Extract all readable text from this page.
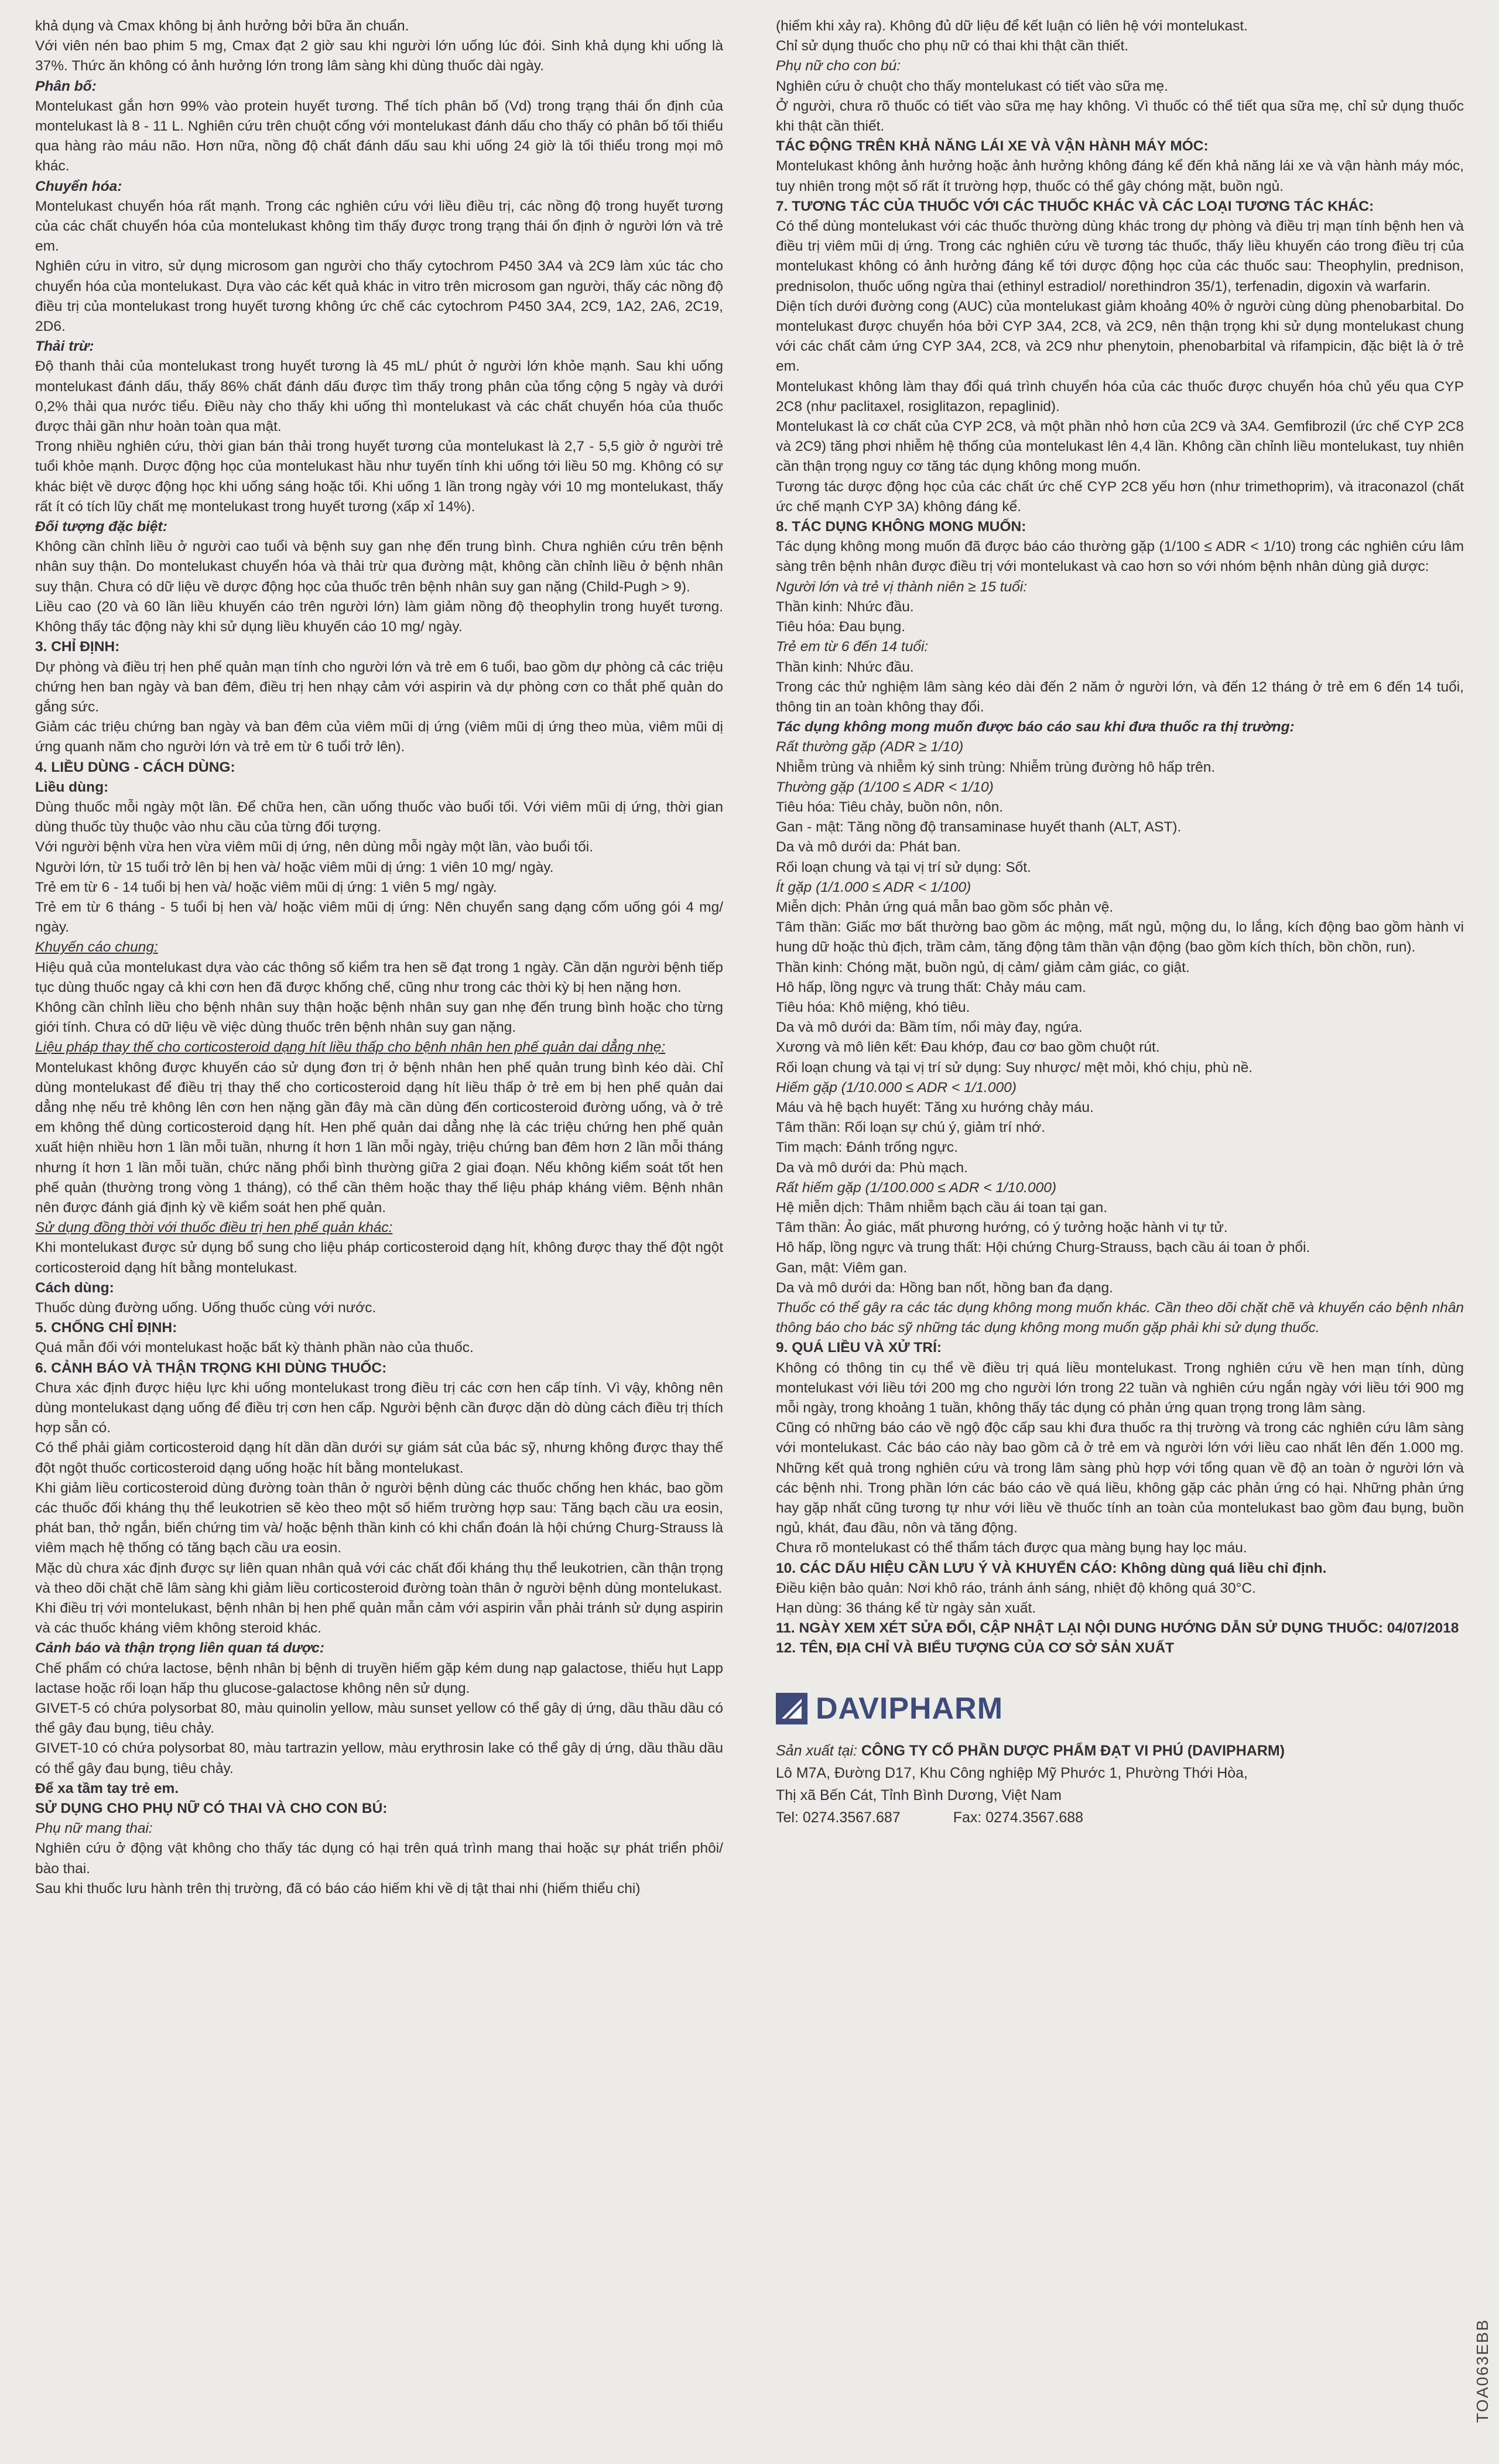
khả dụng và Cmax không bị ảnh hưởng bởi bữa ăn chuẩn.

Với viên nén bao phim 5 mg, Cmax đạt 2 giờ sau khi người lớn uống lúc đói. Sinh khả dụng khi uống là 37%. Thức ăn không có ảnh hưởng lớn trong lâm sàng khi dùng thuốc dài ngày.

Phân bố:

Montelukast gắn hơn 99% vào protein huyết tương. Thể tích phân bố (Vd) trong trạng thái ổn định của montelukast là 8 - 11 L. Nghiên cứu trên chuột cống với montelukast đánh dấu cho thấy có phân bố tối thiểu qua hàng rào máu não. Hơn nữa, nồng độ chất đánh dấu sau khi uống 24 giờ là tối thiểu trong mọi mô khác.

Chuyển hóa:

Montelukast chuyển hóa rất mạnh. Trong các nghiên cứu với liều điều trị, các nồng độ trong huyết tương của các chất chuyển hóa của montelukast không tìm thấy được trong trạng thái ổn định ở người lớn và trẻ em.

Nghiên cứu in vitro, sử dụng microsom gan người cho thấy cytochrom P450 3A4 và 2C9 làm xúc tác cho chuyển hóa của montelukast. Dựa vào các kết quả khác in vitro trên microsom gan người, thấy các nồng độ điều trị của montelukast trong huyết tương không ức chế các cytochrom P450 3A4, 2C9, 1A2, 2A6, 2C19, 2D6.

Thải trừ:

Độ thanh thải của montelukast trong huyết tương là 45 mL/ phút ở người lớn khỏe mạnh. Sau khi uống montelukast đánh dấu, thấy 86% chất đánh dấu được tìm thấy trong phân của tổng cộng 5 ngày và dưới 0,2% thải qua nước tiểu. Điều này cho thấy khi uống thì montelukast và các chất chuyển hóa của thuốc được thải gần như hoàn toàn qua mật.

Trong nhiều nghiên cứu, thời gian bán thải trong huyết tương của montelukast là 2,7 - 5,5 giờ ở người trẻ tuổi khỏe mạnh. Dược động học của montelukast hầu như tuyến tính khi uống tới liều 50 mg. Không có sự khác biệt về dược động học khi uống sáng hoặc tối. Khi uống 1 lần trong ngày với 10 mg montelukast, thấy rất ít có tích lũy chất mẹ montelukast trong huyết tương (xấp xỉ 14%).

Đối tượng đặc biệt:

Không cần chỉnh liều ở người cao tuổi và bệnh suy gan nhẹ đến trung bình. Chưa nghiên cứu trên bệnh nhân suy thận. Do montelukast chuyển hóa và thải trừ qua đường mật, không cần chỉnh liều ở bệnh nhân suy thận. Chưa có dữ liệu về dược động học của thuốc trên bệnh nhân suy gan nặng (Child-Pugh > 9).

Liều cao (20 và 60 lần liều khuyến cáo trên người lớn) làm giảm nồng độ theophylin trong huyết tương. Không thấy tác động này khi sử dụng liều khuyến cáo 10 mg/ ngày.

3. CHỈ ĐỊNH:

Dự phòng và điều trị hen phế quản mạn tính cho người lớn và trẻ em 6 tuổi, bao gồm dự phòng cả các triệu chứng hen ban ngày và ban đêm, điều trị hen nhạy cảm với aspirin và dự phòng cơn co thắt phế quản do gắng sức.

Giảm các triệu chứng ban ngày và ban đêm của viêm mũi dị ứng (viêm mũi dị ứng theo mùa, viêm mũi dị ứng quanh năm cho người lớn và trẻ em từ 6 tuổi trở lên).

4. LIỀU DÙNG - CÁCH DÙNG:

Liều dùng:

Dùng thuốc mỗi ngày một lần. Để chữa hen, cần uống thuốc vào buổi tối. Với viêm mũi dị ứng, thời gian dùng thuốc tùy thuộc vào nhu cầu của từng đối tượng.

Với người bệnh vừa hen vừa viêm mũi dị ứng, nên dùng mỗi ngày một lần, vào buổi tối.

Người lớn, từ 15 tuổi trở lên bị hen và/ hoặc viêm mũi dị ứng: 1 viên 10 mg/ ngày.

Trẻ em từ 6 - 14 tuổi bị hen và/ hoặc viêm mũi dị ứng: 1 viên 5 mg/ ngày.

Trẻ em từ 6 tháng - 5 tuổi bị hen và/ hoặc viêm mũi dị ứng: Nên chuyển sang dạng cốm uống gói 4 mg/ ngày.

Khuyến cáo chung:

Hiệu quả của montelukast dựa vào các thông số kiểm tra hen sẽ đạt trong 1 ngày. Cần dặn người bệnh tiếp tục dùng thuốc ngay cả khi cơn hen đã được khống chế, cũng như trong các thời kỳ bị hen nặng hơn.

Không cần chỉnh liều cho bệnh nhân suy thận hoặc bệnh nhân suy gan nhẹ đến trung bình hoặc cho từng giới tính. Chưa có dữ liệu về việc dùng thuốc trên bệnh nhân suy gan nặng.

Liệu pháp thay thế cho corticosteroid dạng hít liều thấp cho bệnh nhân hen phế quản dai dẳng nhẹ:

Montelukast không được khuyến cáo sử dụng đơn trị ở bệnh nhân hen phế quản trung bình kéo dài. Chỉ dùng montelukast để điều trị thay thế cho corticosteroid dạng hít liều thấp ở trẻ em bị hen phế quản dai dẳng nhẹ nếu trẻ không lên cơn hen nặng gần đây mà cần dùng đến corticosteroid đường uống, và ở trẻ em không thể dùng corticosteroid dạng hít. Hen phế quản dai dẳng nhẹ là các triệu chứng hen phế quản xuất hiện nhiều hơn 1 lần mỗi tuần, nhưng ít hơn 1 lần mỗi ngày, triệu chứng ban đêm hơn 2 lần mỗi tháng nhưng ít hơn 1 lần mỗi tuần, chức năng phổi bình thường giữa 2 giai đoạn. Nếu không kiểm soát tốt hen phế quản (thường trong vòng 1 tháng), có thể cần thêm hoặc thay thế liệu pháp kháng viêm. Bệnh nhân nên được đánh giá định kỳ về kiểm soát hen phế quản.

Sử dụng đồng thời với thuốc điều trị hen phế quản khác:

Khi montelukast được sử dụng bổ sung cho liệu pháp corticosteroid dạng hít, không được thay thế đột ngột corticosteroid dạng hít bằng montelukast.

Cách dùng:

Thuốc dùng đường uống. Uống thuốc cùng với nước.

5. CHỐNG CHỈ ĐỊNH:

Quá mẫn đối với montelukast hoặc bất kỳ thành phần nào của thuốc.

6. CẢNH BÁO VÀ THẬN TRỌNG KHI DÙNG THUỐC:

Chưa xác định được hiệu lực khi uống montelukast trong điều trị các cơn hen cấp tính. Vì vậy, không nên dùng montelukast dạng uống để điều trị cơn hen cấp. Người bệnh cần được dặn dò dùng cách điều trị thích hợp sẵn có.

Có thể phải giảm corticosteroid dạng hít dần dần dưới sự giám sát của bác sỹ, nhưng không được thay thế đột ngột thuốc corticosteroid dạng uống hoặc hít bằng montelukast.

Khi giảm liều corticosteroid dùng đường toàn thân ở người bệnh dùng các thuốc chống hen khác, bao gồm các thuốc đối kháng thụ thể leukotrien sẽ kèo theo một số hiếm trường hợp sau: Tăng bạch cầu ưa eosin, phát ban, thở ngắn, biến chứng tim và/ hoặc bệnh thần kinh có khi chẩn đoán là hội chứng Churg-Strauss là viêm mạch hệ thống có tăng bạch cầu ưa eosin.

Mặc dù chưa xác định được sự liên quan nhân quả với các chất đối kháng thụ thể leukotrien, cần thận trọng và theo dõi chặt chẽ lâm sàng khi giảm liều corticosteroid đường toàn thân ở người bệnh dùng montelukast.

Khi điều trị với montelukast, bệnh nhân bị hen phế quản mẫn cảm với aspirin vẫn phải tránh sử dụng aspirin và các thuốc kháng viêm không steroid khác.

Cảnh báo và thận trọng liên quan tá dược:

Chế phẩm có chứa lactose, bệnh nhân bị bệnh di truyền hiếm gặp kém dung nạp galactose, thiếu hụt Lapp lactase hoặc rối loạn hấp thu glucose-galactose không nên sử dụng.

GIVET-5 có chứa polysorbat 80, màu quinolin yellow, màu sunset yellow có thể gây dị ứng, dầu thầu dầu có thể gây đau bụng, tiêu chảy.

GIVET-10 có chứa polysorbat 80, màu tartrazin yellow, màu erythrosin lake có thể gây dị ứng, dầu thầu dầu có thể gây đau bụng, tiêu chảy.

Để xa tầm tay trẻ em.

SỬ DỤNG CHO PHỤ NỮ CÓ THAI VÀ CHO CON BÚ:

Phụ nữ mang thai:

Nghiên cứu ở động vật không cho thấy tác dụng có hại trên quá trình mang thai hoặc sự phát triển phôi/ bào thai.

Sau khi thuốc lưu hành trên thị trường, đã có báo cáo hiếm khi về dị tật thai nhi (hiếm thiểu chi)

(hiếm khi xảy ra). Không đủ dữ liệu để kết luận có liên hệ với montelukast.

Chỉ sử dụng thuốc cho phụ nữ có thai khi thật cần thiết.

Phụ nữ cho con bú:

Nghiên cứu ở chuột cho thấy montelukast có tiết vào sữa mẹ.

Ở người, chưa rõ thuốc có tiết vào sữa mẹ hay không. Vì thuốc có thể tiết qua sữa mẹ, chỉ sử dụng thuốc khi thật cần thiết.

TÁC ĐỘNG TRÊN KHẢ NĂNG LÁI XE VÀ VẬN HÀNH MÁY MÓC:

Montelukast không ảnh hưởng hoặc ảnh hưởng không đáng kể đến khả năng lái xe và vận hành máy móc, tuy nhiên trong một số rất ít trường hợp, thuốc có thể gây chóng mặt, buồn ngủ.

7. TƯƠNG TÁC CỦA THUỐC VỚI CÁC THUỐC KHÁC VÀ CÁC LOẠI TƯƠNG TÁC KHÁC:

Có thể dùng montelukast với các thuốc thường dùng khác trong dự phòng và điều trị mạn tính bệnh hen và điều trị viêm mũi dị ứng. Trong các nghiên cứu về tương tác thuốc, thấy liều khuyến cáo trong điều trị của montelukast không có ảnh hưởng đáng kể tới dược động học của các thuốc sau: Theophylin, prednison, prednisolon, thuốc uống ngừa thai (ethinyl estradiol/ norethindron 35/1), terfenadin, digoxin và warfarin.

Diện tích dưới đường cong (AUC) của montelukast giảm khoảng 40% ở người cùng dùng phenobarbital. Do montelukast được chuyển hóa bởi CYP 3A4, 2C8, và 2C9, nên thận trọng khi sử dụng montelukast chung với các chất cảm ứng CYP 3A4, 2C8, và 2C9 như phenytoin, phenobarbital và rifampicin, đặc biệt là ở trẻ em.

Montelukast không làm thay đổi quá trình chuyển hóa của các thuốc được chuyển hóa chủ yếu qua CYP 2C8 (như paclitaxel, rosiglitazon, repaglinid).

Montelukast là cơ chất của CYP 2C8, và một phần nhỏ hơn của 2C9 và 3A4. Gemfibrozil (ức chế CYP 2C8 và 2C9) tăng phơi nhiễm hệ thống của montelukast lên 4,4 lần. Không cần chỉnh liều montelukast, tuy nhiên cần thận trọng nguy cơ tăng tác dụng không mong muốn.

Tương tác dược động học của các chất ức chế CYP 2C8 yếu hơn (như trimethoprim), và itraconazol (chất ức chế mạnh CYP 3A) không đáng kể.

8. TÁC DỤNG KHÔNG MONG MUỐN:

Tác dụng không mong muốn đã được báo cáo thường gặp (1/100 ≤ ADR < 1/10) trong các nghiên cứu lâm sàng trên bệnh nhân được điều trị với montelukast và cao hơn so với nhóm bệnh nhân dùng giả dược:

Người lớn và trẻ vị thành niên ≥ 15 tuổi:

Thần kinh: Nhức đầu.

Tiêu hóa: Đau bụng.

Trẻ em từ 6 đến 14 tuổi:

Thần kinh: Nhức đầu.

Trong các thử nghiệm lâm sàng kéo dài đến 2 năm ở người lớn, và đến 12 tháng ở trẻ em 6 đến 14 tuổi, thông tin an toàn không thay đổi.

Tác dụng không mong muốn được báo cáo sau khi đưa thuốc ra thị trường:

Rất thường gặp (ADR ≥ 1/10)

Nhiễm trùng và nhiễm ký sinh trùng: Nhiễm trùng đường hô hấp trên.

Thường gặp (1/100 ≤ ADR < 1/10)

Tiêu hóa: Tiêu chảy, buồn nôn, nôn.

Gan - mật: Tăng nồng độ transaminase huyết thanh (ALT, AST).

Da và mô dưới da: Phát ban.

Rối loạn chung và tại vị trí sử dụng: Sốt.

Ít gặp (1/1.000 ≤ ADR < 1/100)

Miễn dịch: Phản ứng quá mẫn bao gồm sốc phản vệ.

Tâm thần: Giấc mơ bất thường bao gồm ác mộng, mất ngủ, mộng du, lo lắng, kích động bao gồm hành vi hung dữ hoặc thù địch, trầm cảm, tăng động tâm thần vận động (bao gồm kích thích, bồn chồn, run).

Thần kinh: Chóng mặt, buồn ngủ, dị cảm/ giảm cảm giác, co giật.

Hô hấp, lồng ngực và trung thất: Chảy máu cam.

Tiêu hóa: Khô miệng, khó tiêu.

Da và mô dưới da: Bầm tím, nổi mày đay, ngứa.

Xương và mô liên kết: Đau khớp, đau cơ bao gồm chuột rút.

Rối loạn chung và tại vị trí sử dụng: Suy nhược/ mệt mỏi, khó chịu, phù nề.

Hiếm gặp (1/10.000 ≤ ADR < 1/1.000)

Máu và hệ bạch huyết: Tăng xu hướng chảy máu.

Tâm thần: Rối loạn sự chú ý, giảm trí nhớ.

Tim mạch: Đánh trống ngực.

Da và mô dưới da: Phù mạch.

Rất hiếm gặp (1/100.000 ≤ ADR < 1/10.000)

Hệ miễn dịch: Thâm nhiễm bạch cầu ái toan tại gan.

Tâm thần: Ảo giác, mất phương hướng, có ý tưởng hoặc hành vi tự tử.

Hô hấp, lồng ngực và trung thất: Hội chứng Churg-Strauss, bạch cầu ái toan ở phổi.

Gan, mật: Viêm gan.

Da và mô dưới da: Hồng ban nốt, hồng ban đa dạng.

Thuốc có thể gây ra các tác dụng không mong muốn khác. Cần theo dõi chặt chẽ và khuyến cáo bệnh nhân thông báo cho bác sỹ những tác dụng không mong muốn gặp phải khi sử dụng thuốc.

9. QUÁ LIỀU VÀ XỬ TRÍ:

Không có thông tin cụ thể về điều trị quá liều montelukast. Trong nghiên cứu về hen mạn tính, dùng montelukast với liều tới 200 mg cho người lớn trong 22 tuần và nghiên cứu ngắn ngày với liều tới 900 mg mỗi ngày, trong khoảng 1 tuần, không thấy tác dụng có phản ứng quan trọng trong lâm sàng.

Cũng có những báo cáo về ngộ độc cấp sau khi đưa thuốc ra thị trường và trong các nghiên cứu lâm sàng với montelukast. Các báo cáo này bao gồm cả ở trẻ em và người lớn với liều cao nhất lên đến 1.000 mg. Những kết quả trong nghiên cứu và trong lâm sàng phù hợp với tổng quan về độ an toàn ở người lớn và các bệnh nhi. Trong phần lớn các báo cáo về quá liều, không gặp các phản ứng có hại. Những phản ứng hay gặp nhất cũng tương tự như với liều về thuốc tính an toàn của montelukast bao gồm đau bụng, buồn ngủ, khát, đau đầu, nôn và tăng động.

Chưa rõ montelukast có thể thẩm tách được qua màng bụng hay lọc máu.

10. CÁC DẤU HIỆU CẦN LƯU Ý VÀ KHUYẾN CÁO: Không dùng quá liều chỉ định.

Điều kiện bảo quản: Nơi khô ráo, tránh ánh sáng, nhiệt độ không quá 30°C.

Hạn dùng: 36 tháng kể từ ngày sản xuất.

11. NGÀY XEM XÉT SỬA ĐỔI, CẬP NHẬT LẠI NỘI DUNG HƯỚNG DẪN SỬ DỤNG THUỐC: 04/07/2018

12. TÊN, ĐỊA CHỈ VÀ BIỂU TƯỢNG CỦA CƠ SỞ SẢN XUẤT

DAVIPHARM

Sản xuất tại: CÔNG TY CỔ PHẦN DƯỢC PHẨM ĐẠT VI PHÚ (DAVIPHARM)

Lô M7A, Đường D17, Khu Công nghiệp Mỹ Phước 1, Phường Thới Hòa,

Thị xã Bến Cát, Tỉnh Bình Dương, Việt Nam

Tel: 0274.3567.687	Fax: 0274.3567.688

TOA063EBB
